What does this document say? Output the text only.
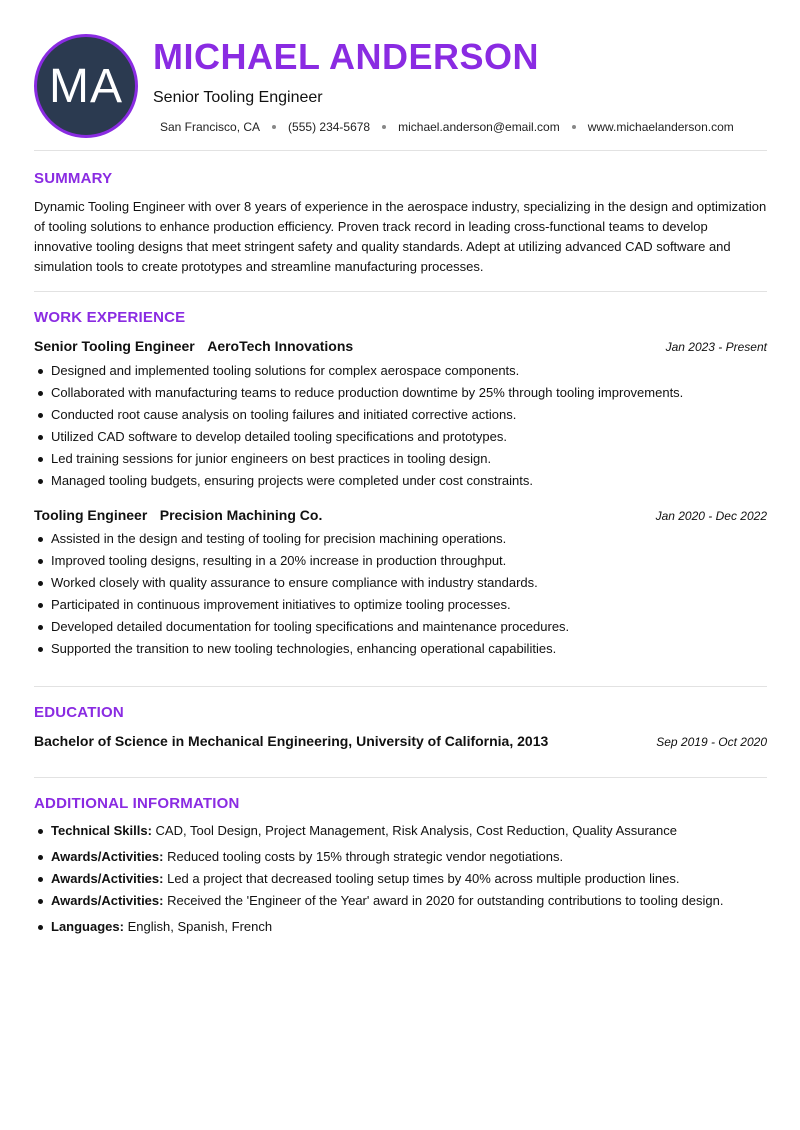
MA
MICHAEL ANDERSON

Senior Tooling Engineer

San Francisco, CA (555) 234-5678 michael.anderson@email.com www.michaelanderson.com
SUMMARY

Dynamic Tooling Engineer with over 8 years of experience in the aerospace industry, specializing in the design and optimization of tooling solutions to enhance production efficiency. Proven track record in leading cross-functional teams to develop innovative tooling designs that meet stringent safety and quality standards. Adept at utilizing advanced CAD software and simulation tools to create prototypes and streamline manufacturing processes.

WORK EXPERIENCE
Senior Tooling Engineer AeroTech Innovations	Jan 2023 - Present
Designed and implemented tooling solutions for complex aerospace components.
Collaborated with manufacturing teams to reduce production downtime by 25% through tooling improvements.
Conducted root cause analysis on tooling failures and initiated corrective actions.
Utilized CAD software to develop detailed tooling specifications and prototypes.
Led training sessions for junior engineers on best practices in tooling design.
Managed tooling budgets, ensuring projects were completed under cost constraints.
Tooling Engineer Precision Machining Co.	Jan 2020 - Dec 2022
Assisted in the design and testing of tooling for precision machining operations.
Improved tooling designs, resulting in a 20% increase in production throughput.
Worked closely with quality assurance to ensure compliance with industry standards.
Participated in continuous improvement initiatives to optimize tooling processes.
Developed detailed documentation for tooling specifications and maintenance procedures.
Supported the transition to new tooling technologies, enhancing operational capabilities.
EDUCATION
Bachelor of Science in Mechanical Engineering, University of California, 2013	Sep 2019 - Oct 2020
ADDITIONAL INFORMATION
Technical Skills: CAD, Tool Design, Project Management, Risk Analysis, Cost Reduction, Quality Assurance
Awards/Activities: Reduced tooling costs by 15% through strategic vendor negotiations.
Awards/Activities: Led a project that decreased tooling setup times by 40% across multiple production lines.
Awards/Activities: Received the 'Engineer of the Year' award in 2020 for outstanding contributions to tooling design.
Languages: English, Spanish, French
